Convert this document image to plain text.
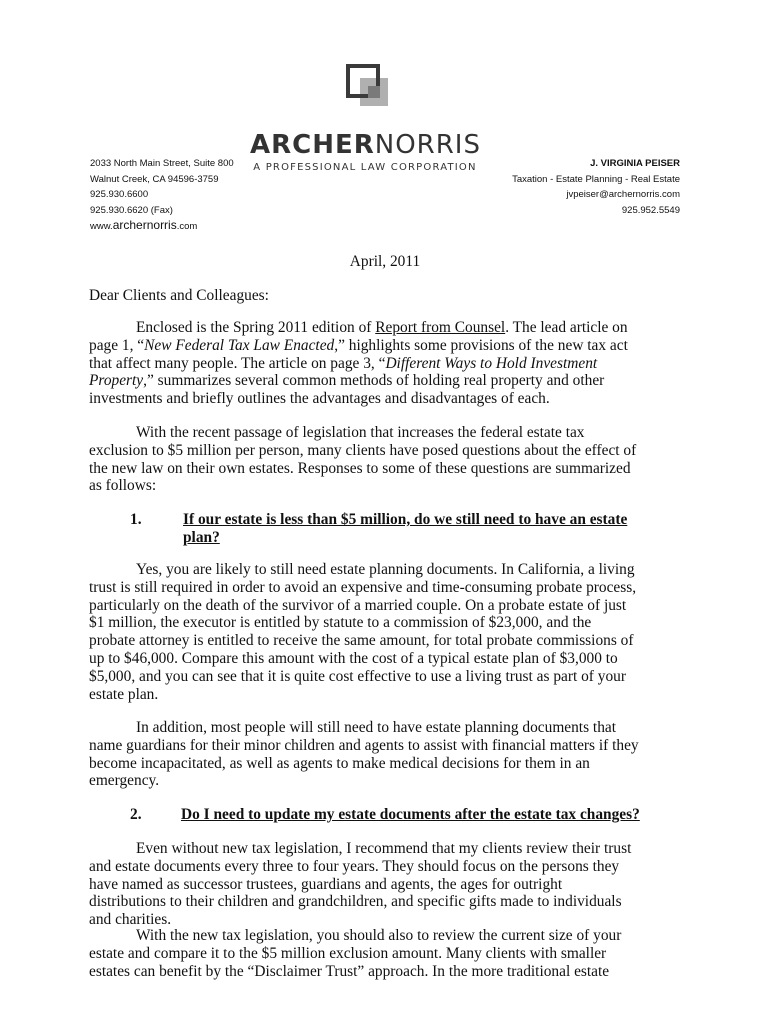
ARCHERNORRIS
A PROFESSIONAL LAW CORPORATION
2033 North Main Street, Suite 800
Walnut Creek, CA 94596-3759
925.930.6600
925.930.6620 (Fax)
www.archernorris.com
J. VIRGINIA PEISER
Taxation - Estate Planning - Real Estate
jvpeiser@archernorris.com
925.952.5549
April, 2011

Dear Clients and Colleagues:

Enclosed is the Spring 2011 edition of Report from Counsel. The lead article on page 1, “New Federal Tax Law Enacted,” highlights some provisions of the new tax act that affect many people. The article on page 3, “Different Ways to Hold Investment Property,” summarizes several common methods of holding real property and other investments and briefly outlines the advantages and disadvantages of each.

With the recent passage of legislation that increases the federal estate tax exclusion to $5 million per person, many clients have posed questions about the effect of the new law on their own estates. Responses to some of these questions are summarized as follows:

1.	If our estate is less than $5 million, do we still need to have an estate plan?

Yes, you are likely to still need estate planning documents. In California, a living trust is still required in order to avoid an expensive and time-consuming probate process, particularly on the death of the survivor of a married couple. On a probate estate of just $1 million, the executor is entitled by statute to a commission of $23,000, and the probate attorney is entitled to receive the same amount, for total probate commissions of up to $46,000. Compare this amount with the cost of a typical estate plan of $3,000 to $5,000, and you can see that it is quite cost effective to use a living trust as part of your estate plan.

In addition, most people will still need to have estate planning documents that name guardians for their minor children and agents to assist with financial matters if they become incapacitated, as well as agents to make medical decisions for them in an emergency.

2.	Do I need to update my estate documents after the estate tax changes?

Even without new tax legislation, I recommend that my clients review their trust and estate documents every three to four years. They should focus on the persons they have named as successor trustees, guardians and agents, the ages for outright distributions to their children and grandchildren, and specific gifts made to individuals and charities.

With the new tax legislation, you should also to review the current size of your estate and compare it to the $5 million exclusion amount. Many clients with smaller estates can benefit by the “Disclaimer Trust” approach. In the more traditional estate
